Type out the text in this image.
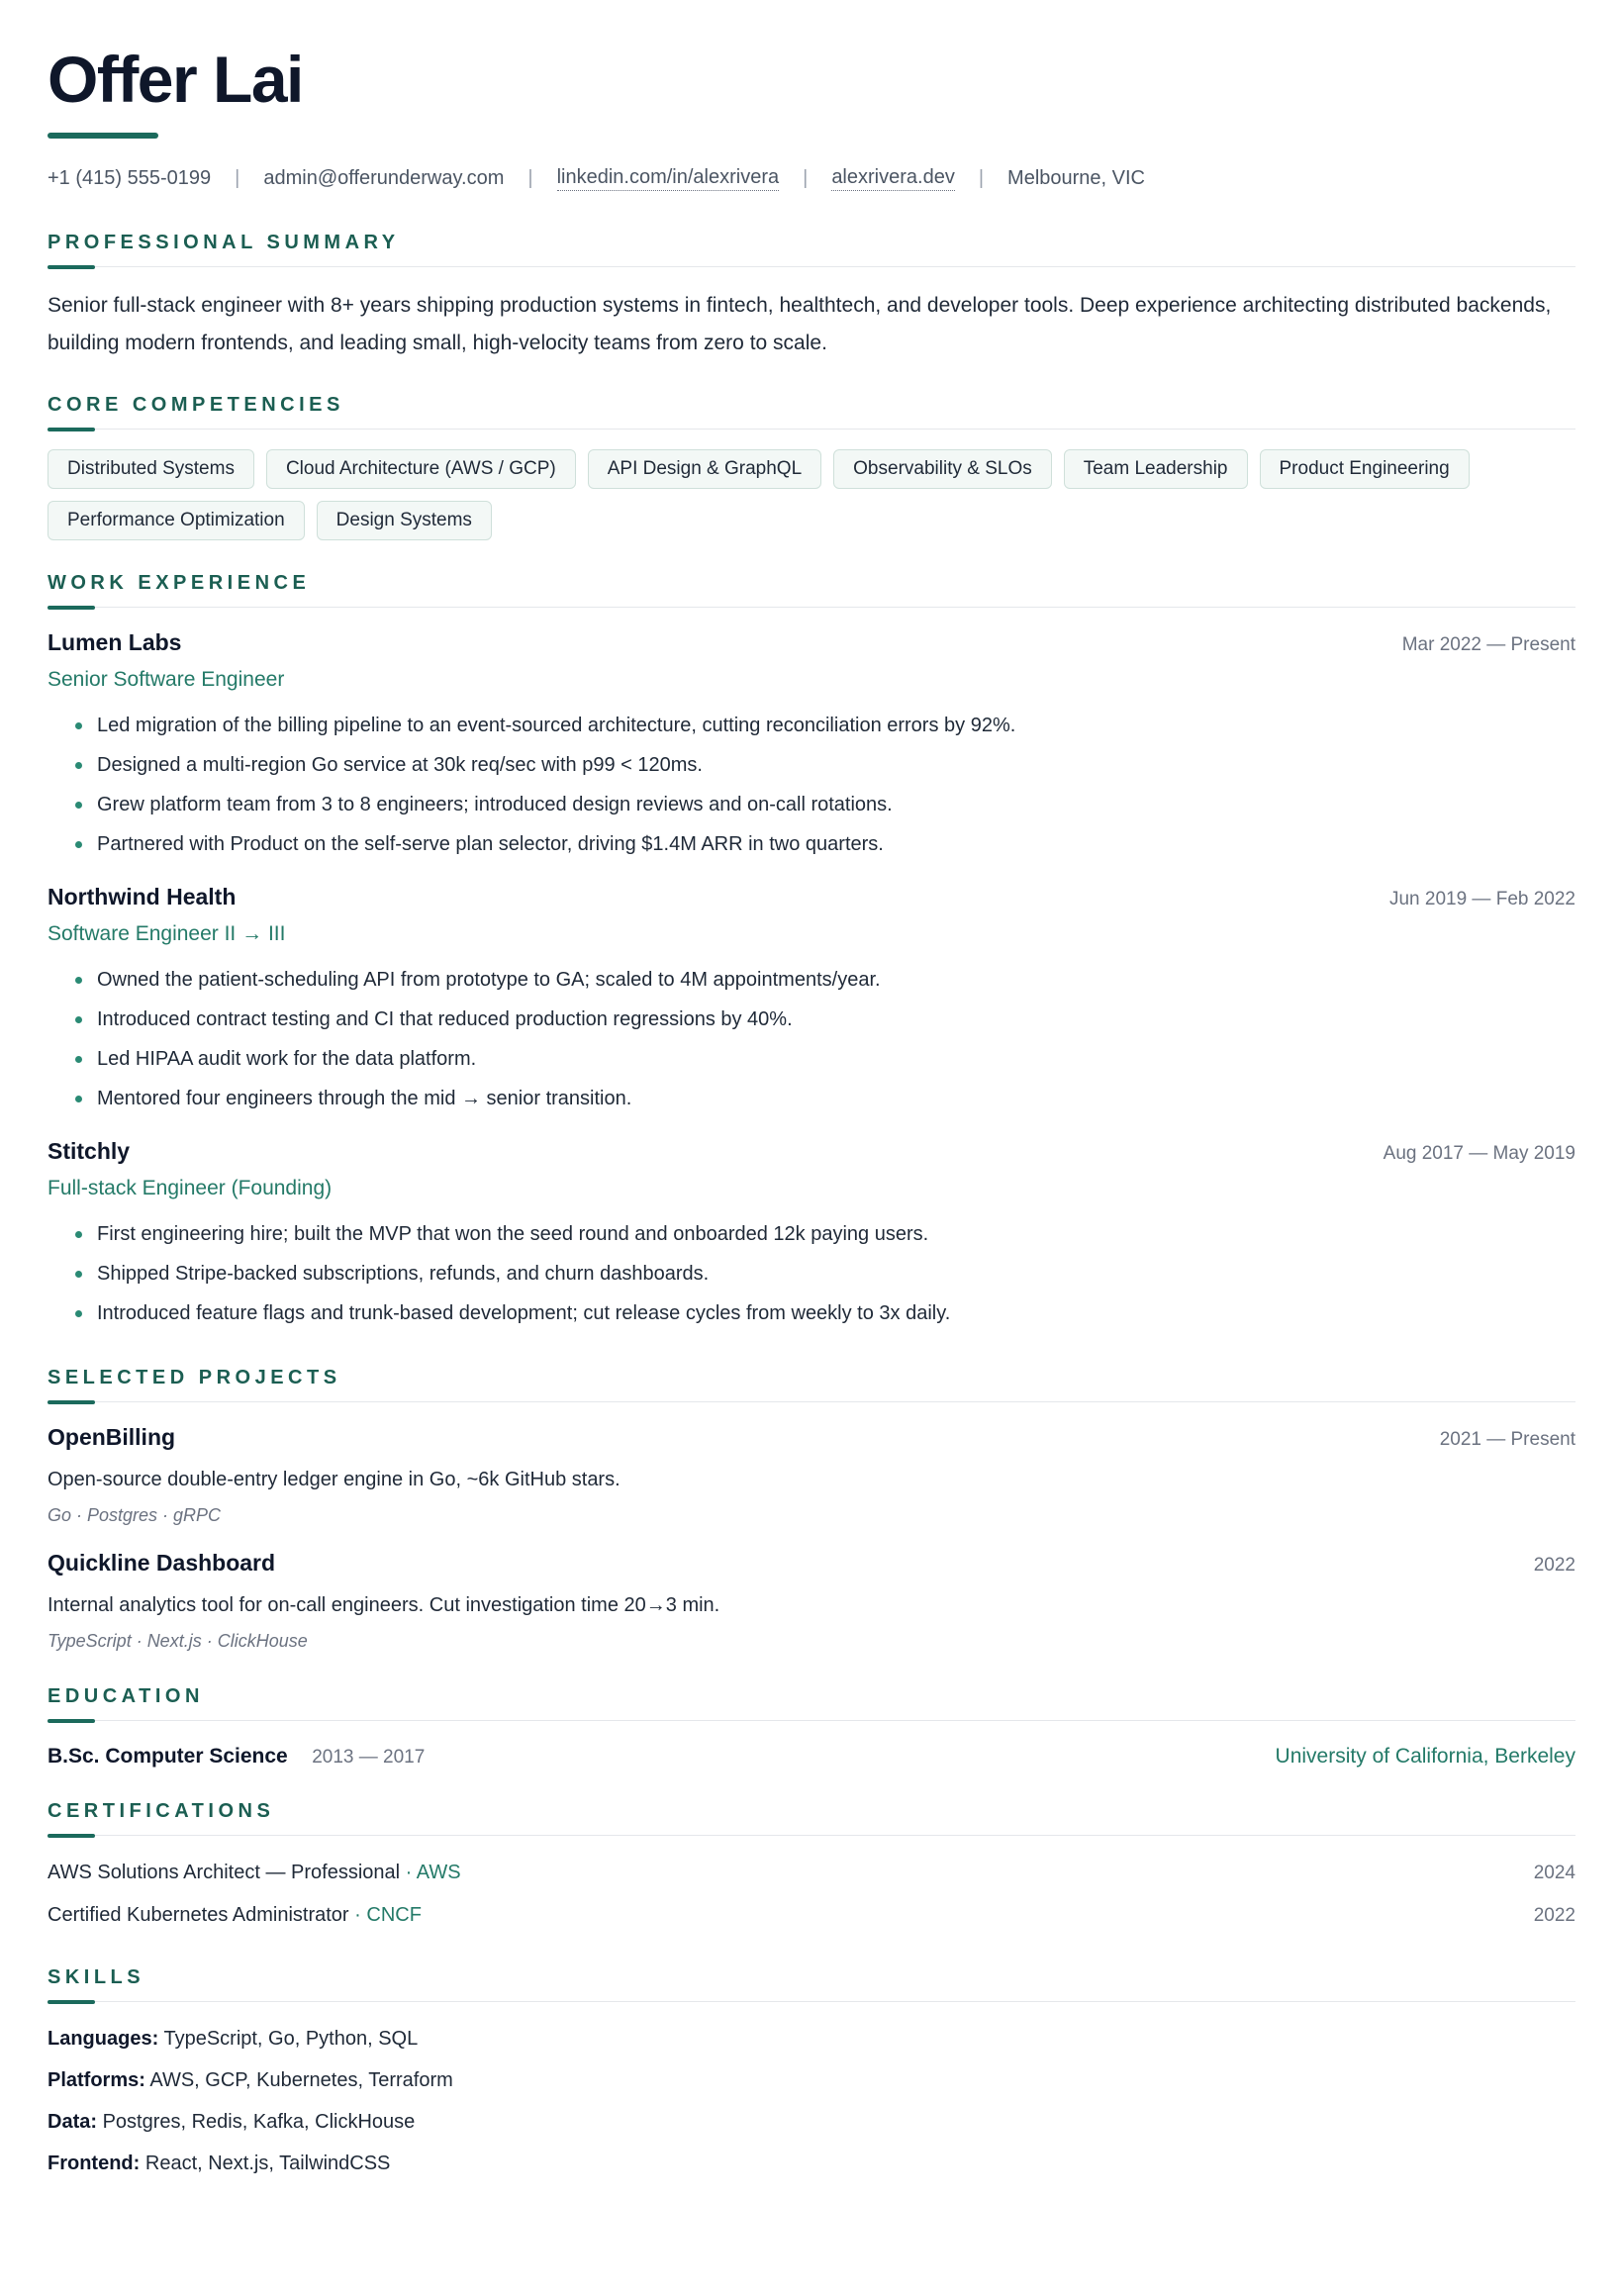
Offer Lai
+1 (415) 555-0199 | admin@offerunderway.com | linkedin.com/in/alexrivera | alexrivera.dev | Melbourne, VIC
PROFESSIONAL SUMMARY

Senior full-stack engineer with 8+ years shipping production systems in fintech, healthtech, and developer tools. Deep experience architecting distributed backends, building modern frontends, and leading small, high-velocity teams from zero to scale.

CORE COMPETENCIES
Distributed Systems	Cloud Architecture (AWS / GCP)	API Design & GraphQL	Observability & SLOs	Team Leadership	Product Engineering
Performance Optimization	Design Systems
WORK EXPERIENCE
Lumen Labs	Mar 2022 — Present
Senior Software Engineer
Led migration of the billing pipeline to an event-sourced architecture, cutting reconciliation errors by 92%.
Designed a multi-region Go service at 30k req/sec with p99 < 120ms.
Grew platform team from 3 to 8 engineers; introduced design reviews and on-call rotations.
Partnered with Product on the self-serve plan selector, driving $1.4M ARR in two quarters.
Northwind Health	Jun 2019 — Feb 2022
Software Engineer II → III
Owned the patient-scheduling API from prototype to GA; scaled to 4M appointments/year.
Introduced contract testing and CI that reduced production regressions by 40%.
Led HIPAA audit work for the data platform.
Mentored four engineers through the mid → senior transition.
Stitchly	Aug 2017 — May 2019
Full-stack Engineer (Founding)
First engineering hire; built the MVP that won the seed round and onboarded 12k paying users.
Shipped Stripe-backed subscriptions, refunds, and churn dashboards.
Introduced feature flags and trunk-based development; cut release cycles from weekly to 3x daily.
SELECTED PROJECTS
OpenBilling	2021 — Present
Open-source double-entry ledger engine in Go, ~6k GitHub stars.
Go · Postgres · gRPC
Quickline Dashboard	2022
Internal analytics tool for on-call engineers. Cut investigation time 20→3 min.
TypeScript · Next.js · ClickHouse
EDUCATION
B.Sc. Computer Science 2013 — 2017	University of California, Berkeley
CERTIFICATIONS
AWS Solutions Architect — Professional · AWS	2024
Certified Kubernetes Administrator · CNCF	2022
SKILLS
Languages: TypeScript, Go, Python, SQL
Platforms: AWS, GCP, Kubernetes, Terraform
Data: Postgres, Redis, Kafka, ClickHouse
Frontend: React, Next.js, TailwindCSS
